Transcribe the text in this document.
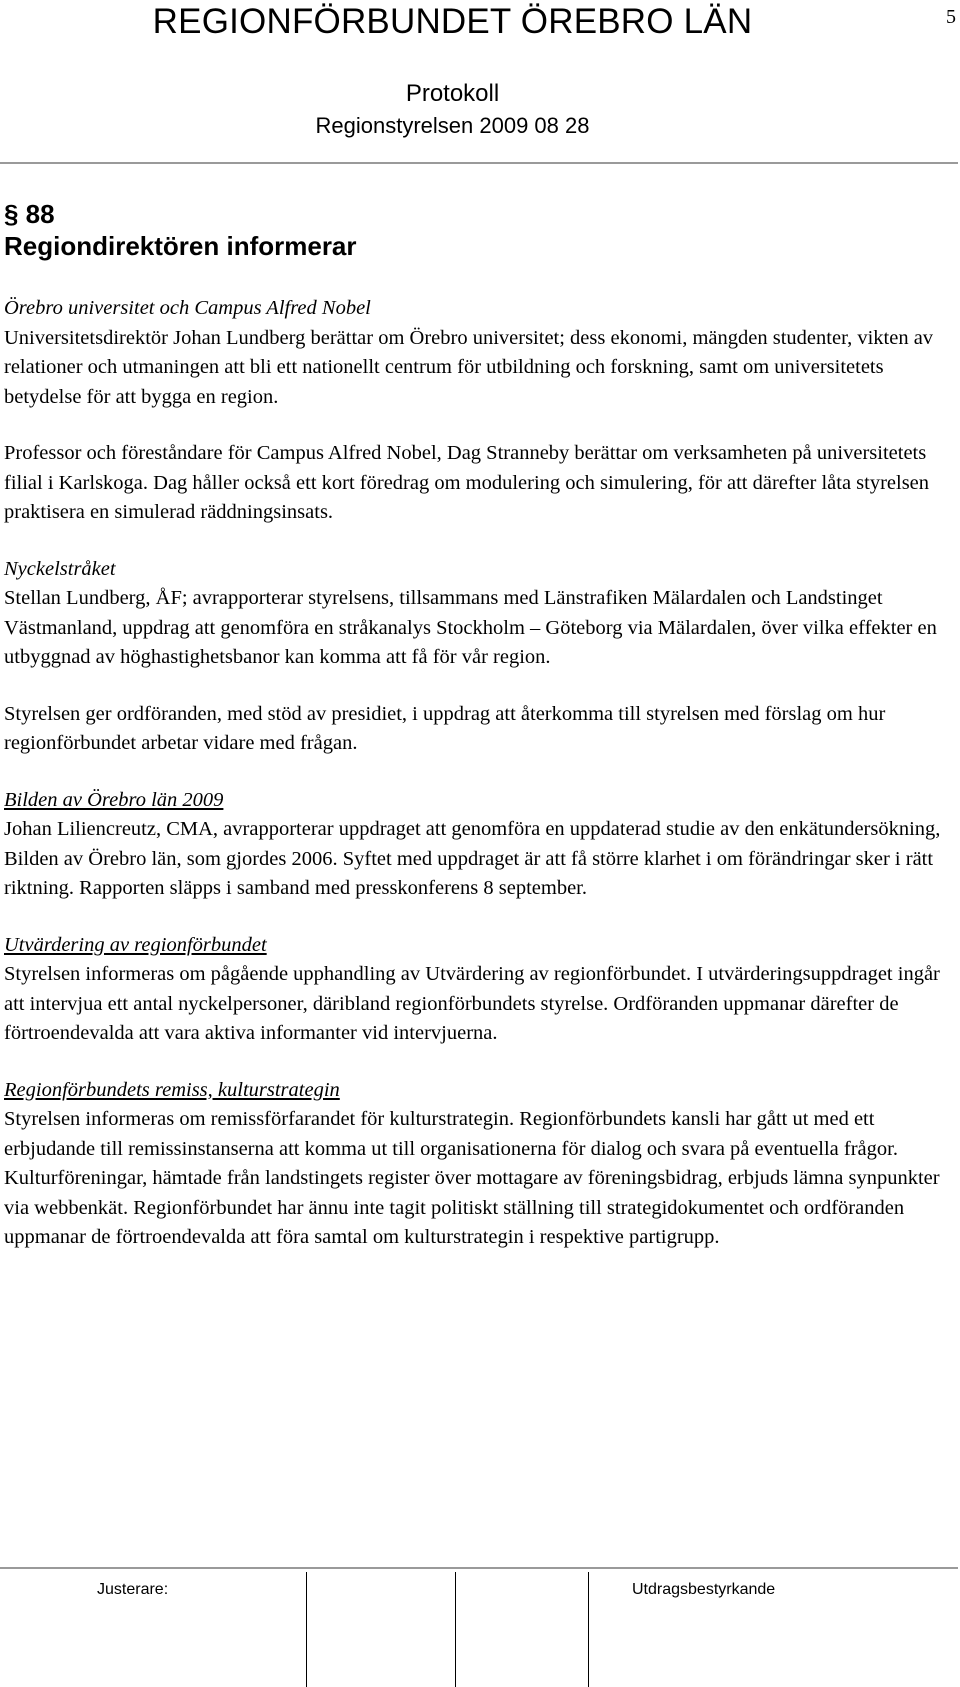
REGIONFÖRBUNDET ÖREBRO LÄN	5
Protokoll
Regionstyrelsen 2009 08 28
§ 88
Regiondirektören informerar
Örebro universitet och Campus Alfred Nobel

Universitetsdirektör Johan Lundberg berättar om Örebro universitet; dess ekonomi, mängden studenter, vikten av relationer och utmaningen att bli ett nationellt centrum för utbildning och forskning, samt om universitetets betydelse för att bygga en region.

Professor och föreståndare för Campus Alfred Nobel, Dag Stranneby berättar om verksamheten på universitetets filial i Karlskoga. Dag håller också ett kort föredrag om modulering och simulering, för att därefter låta styrelsen praktisera en simulerad räddningsinsats.

Nyckelstråket

Stellan Lundberg, ÅF; avrapporterar styrelsens, tillsammans med Länstrafiken Mälardalen och Landstinget Västmanland, uppdrag att genomföra en stråkanalys Stockholm – Göteborg via Mälardalen, över vilka effekter en utbyggnad av höghastighetsbanor kan komma att få för vår region.

Styrelsen ger ordföranden, med stöd av presidiet, i uppdrag att återkomma till styrelsen med förslag om hur regionförbundet arbetar vidare med frågan.

Bilden av Örebro län 2009

Johan Liliencreutz, CMA, avrapporterar uppdraget att genomföra en uppdaterad studie av den enkätundersökning, Bilden av Örebro län, som gjordes 2006. Syftet med uppdraget är att få större klarhet i om förändringar sker i rätt riktning. Rapporten släpps i samband med presskonferens 8 september.

Utvärdering av regionförbundet

Styrelsen informeras om pågående upphandling av Utvärdering av regionförbundet. I utvärderingsuppdraget ingår att intervjua ett antal nyckelpersoner, däribland regionförbundets styrelse. Ordföranden uppmanar därefter de förtroendevalda att vara aktiva informanter vid intervjuerna.

Regionförbundets remiss, kulturstrategin

Styrelsen informeras om remissförfarandet för kulturstrategin. Regionförbundets kansli har gått ut med ett erbjudande till remissinstanserna att komma ut till organisationerna för dialog och svara på eventuella frågor. Kulturföreningar, hämtade från landstingets register över mottagare av föreningsbidrag, erbjuds lämna synpunkter via webbenkät. Regionförbundet har ännu inte tagit politiskt ställning till strategidokumentet och ordföranden uppmanar de förtroendevalda att föra samtal om kulturstrategin i respektive partigrupp.

Justerare:	Utdragsbestyrkande
